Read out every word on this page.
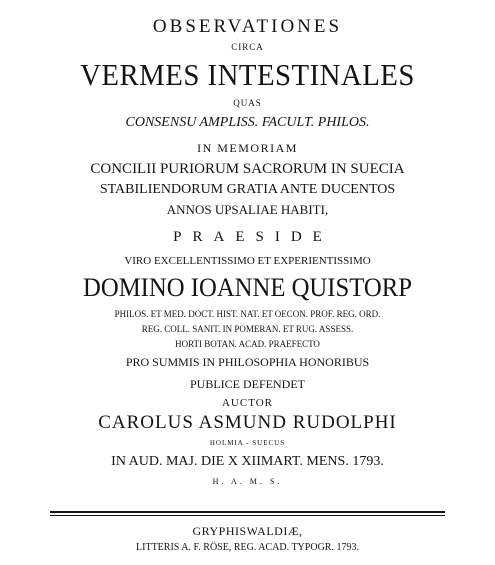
OBSERVATIONES
CIRCA
VERMES INTESTINALES
QUAS
CONSENSU AMPLISS. FACULT. PHILOS.
IN MEMORIAM
CONCILII PURIORUM SACRORUM IN SUECIA
STABILIENDORUM GRATIA ANTE DUCENTOS
ANNOS UPSALIAE HABITI,
PRAESIDE
VIRO EXCELLENTISSIMO ET EXPERIENTISSIMO
DOMINO IOANNE QUISTORP
PHILOS. ET MED. DOCT. HIST. NAT. ET OECON. PROF. REG. ORD.
REG. COLL. SANIT. IN POMERAN. ET RUG. ASSESS.
HORTI BOTAN. ACAD. PRAEFECTO
PRO SUMMIS IN PHILOSOPHIA HONORIBUS
PUBLICE DEFENDET
AUCTOR
CAROLUS ASMUND RUDOLPHI
HOLMIA - SUECUS
IN AUD. MAJ. DIE X XIIMART. MENS. 1793.
H. A. M. S.
GRYPHISWALDIÆ,
LITTERIS A. F. RÖSE, REG. ACAD. TYPOGR. 1793.
